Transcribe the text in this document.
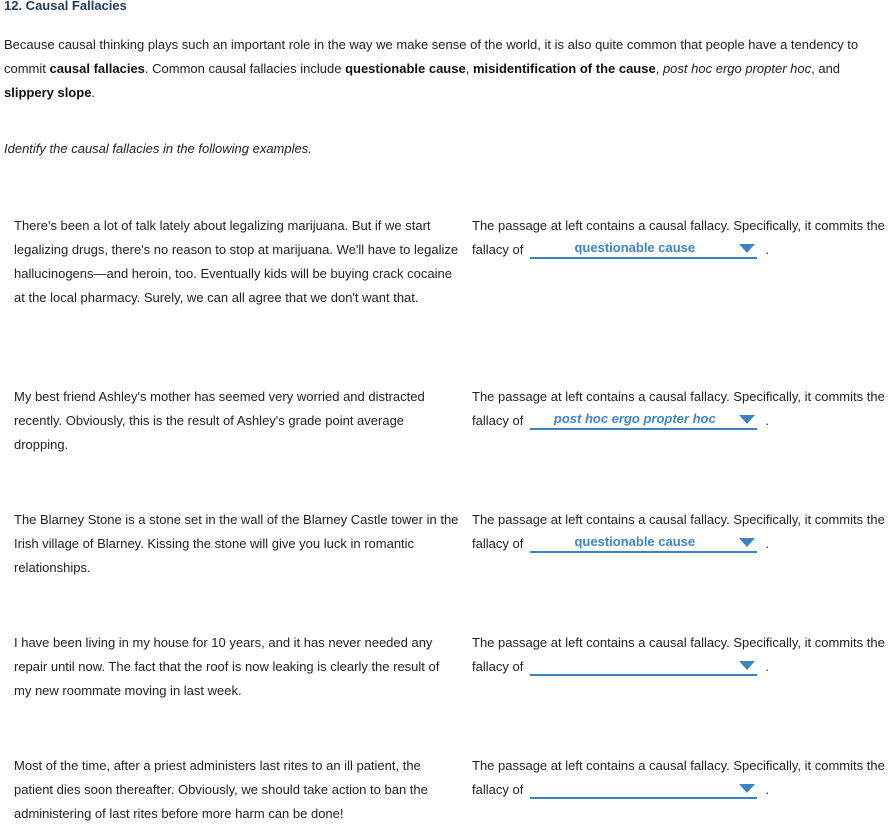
12. Causal Fallacies
Because causal thinking plays such an important role in the way we make sense of the world, it is also quite common that people have a tendency to
commit causal fallacies. Common causal fallacies include questionable cause, misidentification of the cause, post hoc ergo propter hoc, and
slippery slope.
Identify the causal fallacies in the following examples.
There's been a lot of talk lately about legalizing marijuana. But if we start legalizing drugs, there's no reason to stop at marijuana. We'll have to legalize hallucinogens—and heroin, too. Eventually kids will be buying crack cocaine at the local pharmacy. Surely, we can all agree that we don't want that.
The passage at left contains a causal fallacy. Specifically, it commits the
fallacy of	questionable cause	.
My best friend Ashley's mother has seemed very worried and distracted recently. Obviously, this is the result of Ashley's grade point average dropping.
The passage at left contains a causal fallacy. Specifically, it commits the
fallacy of	post hoc ergo propter hoc	.
The Blarney Stone is a stone set in the wall of the Blarney Castle tower in the Irish village of Blarney. Kissing the stone will give you luck in romantic relationships.
The passage at left contains a causal fallacy. Specifically, it commits the
fallacy of	questionable cause	.
I have been living in my house for 10 years, and it has never needed any repair until now. The fact that the roof is now leaking is clearly the result of my new roommate moving in last week.
The passage at left contains a causal fallacy. Specifically, it commits the
fallacy of	.
Most of the time, after a priest administers last rites to an ill patient, the patient dies soon thereafter. Obviously, we should take action to ban the administering of last rites before more harm can be done!
The passage at left contains a causal fallacy. Specifically, it commits the
fallacy of	.
